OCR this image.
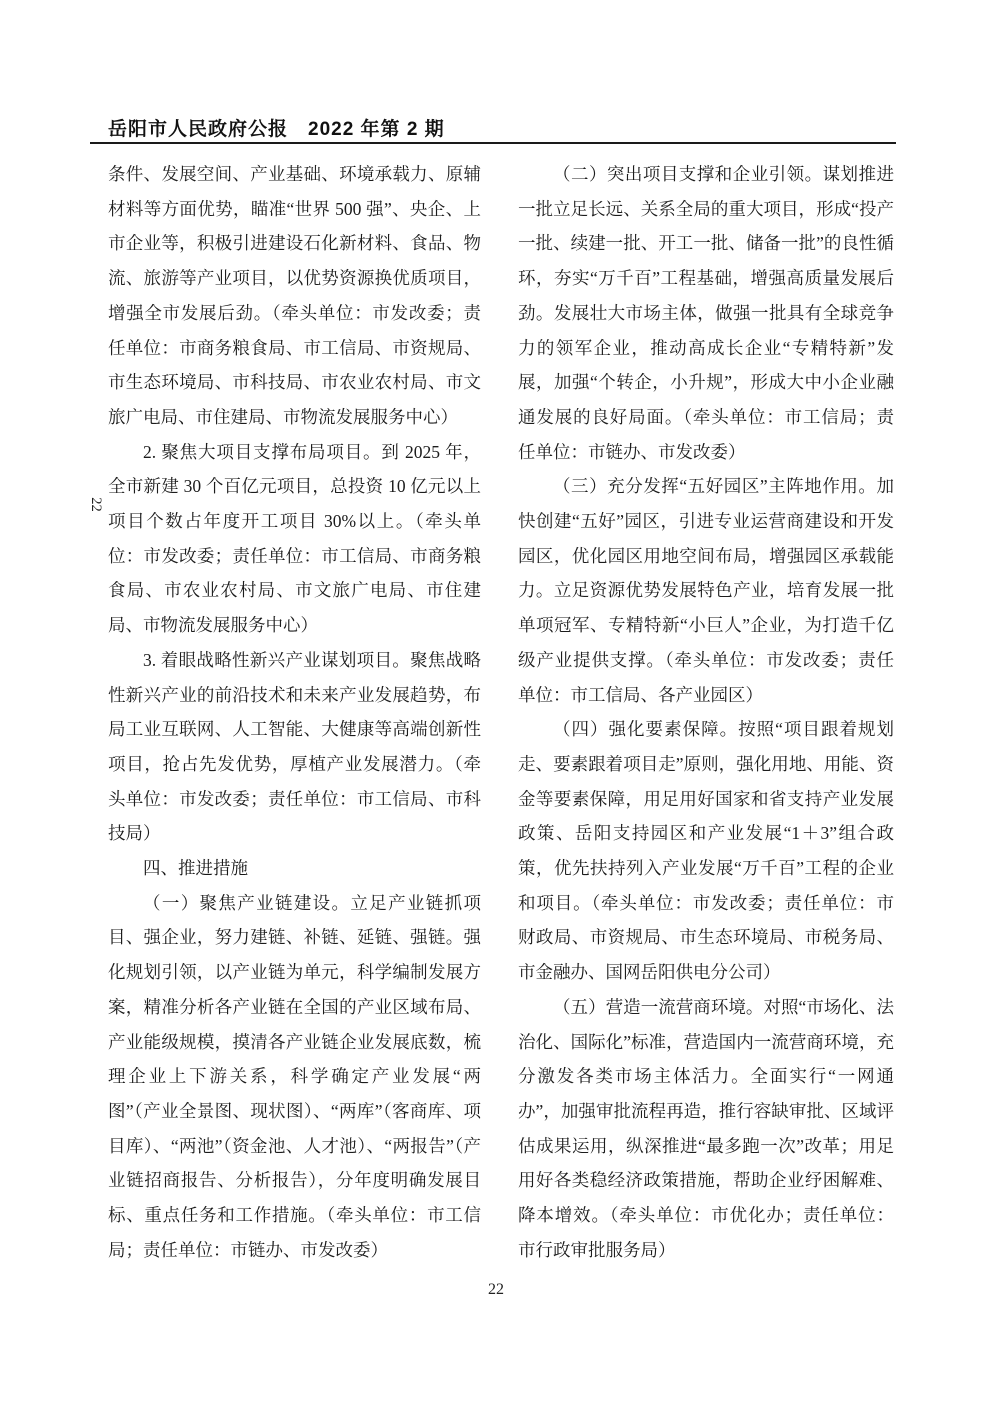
岳阳市人民政府公报　2022 年第 2 期
22

条件、发展空间、产业基础、环境承载力、原辅材料等方面优势，瞄准“世界 500 强”、央企、上市企业等，积极引进建设石化新材料、食品、物流、旅游等产业项目，以优势资源换优质项目，增强全市发展后劲。（牵头单位：市发改委；责任单位：市商务粮食局、市工信局、市资规局、市生态环境局、市科技局、市农业农村局、市文旅广电局、市住建局、市物流发展服务中心）

2. 聚焦大项目支撑布局项目。到 2025 年，全市新建 30 个百亿元项目，总投资 10 亿元以上项目个数占年度开工项目 30%以上。（牵头单位：市发改委；责任单位：市工信局、市商务粮食局、市农业农村局、市文旅广电局、市住建局、市物流发展服务中心）

3. 着眼战略性新兴产业谋划项目。聚焦战略性新兴产业的前沿技术和未来产业发展趋势，布局工业互联网、人工智能、大健康等高端创新性项目，抢占先发优势，厚植产业发展潜力。（牵头单位：市发改委；责任单位：市工信局、市科技局）

四、推进措施

（一）聚焦产业链建设。立足产业链抓项目、强企业，努力建链、补链、延链、强链。强化规划引领，以产业链为单元，科学编制发展方案，精准分析各产业链在全国的产业区域布局、产业能级规模，摸清各产业链企业发展底数，梳理企业上下游关系，科学确定产业发展“两图”（产业全景图、现状图）、“两库”（客商库、项目库）、“两池”（资金池、人才池）、“两报告”（产业链招商报告、分析报告），分年度明确发展目标、重点任务和工作措施。（牵头单位：市工信局；责任单位：市链办、市发改委）

（二）突出项目支撑和企业引领。谋划推进一批立足长远、关系全局的重大项目，形成“投产一批、续建一批、开工一批、储备一批”的良性循环，夯实“万千百”工程基础，增强高质量发展后劲。发展壮大市场主体，做强一批具有全球竞争力的领军企业，推动高成长企业“专精特新”发展，加强“个转企，小升规”，形成大中小企业融通发展的良好局面。（牵头单位：市工信局；责任单位：市链办、市发改委）

（三）充分发挥“五好园区”主阵地作用。加快创建“五好”园区，引进专业运营商建设和开发园区，优化园区用地空间布局，增强园区承载能力。立足资源优势发展特色产业，培育发展一批单项冠军、专精特新“小巨人”企业，为打造千亿级产业提供支撑。（牵头单位：市发改委；责任单位：市工信局、各产业园区）

（四）强化要素保障。按照“项目跟着规划走、要素跟着项目走”原则，强化用地、用能、资金等要素保障，用足用好国家和省支持产业发展政策、岳阳支持园区和产业发展“1＋3”组合政策，优先扶持列入产业发展“万千百”工程的企业和项目。（牵头单位：市发改委；责任单位：市财政局、市资规局、市生态环境局、市税务局、市金融办、国网岳阳供电分公司）

（五）营造一流营商环境。对照“市场化、法治化、国际化”标准，营造国内一流营商环境，充分激发各类市场主体活力。全面实行“一网通办”，加强审批流程再造，推行容缺审批、区域评估成果运用，纵深推进“最多跑一次”改革；用足用好各类稳经济政策措施，帮助企业纾困解难、降本增效。（牵头单位：市优化办；责任单位：市行政审批服务局）

22
